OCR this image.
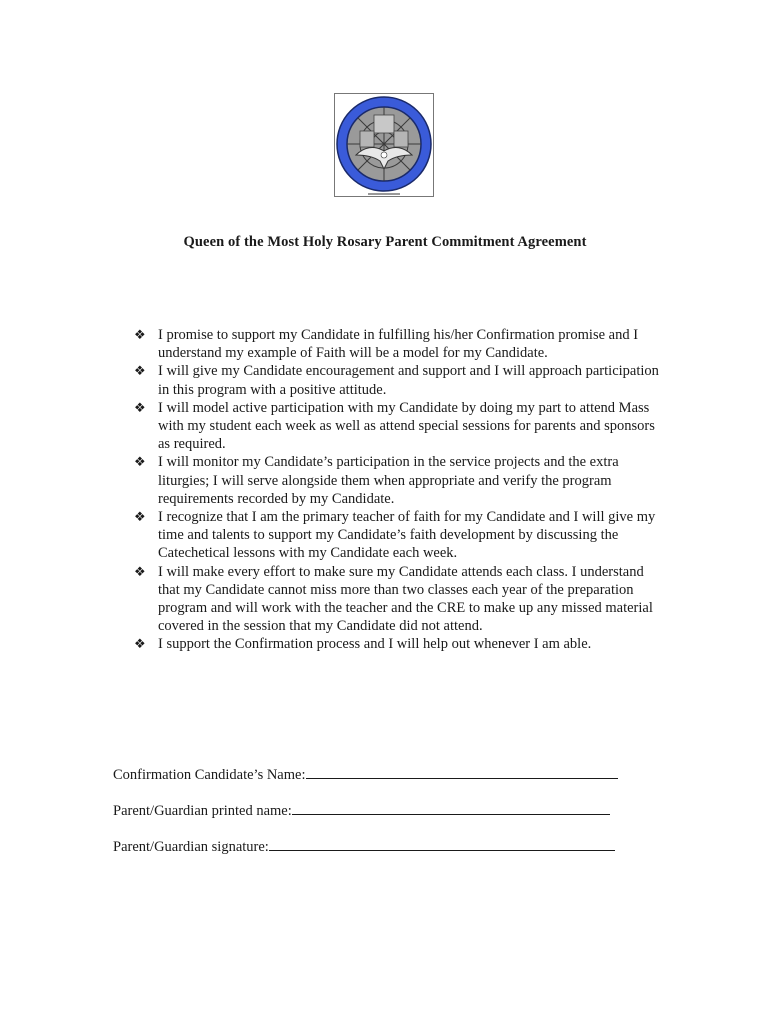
Queen of the Most Holy Rosary Parent Commitment Agreement
❖ I promise to support my Candidate in fulfilling his/her Confirmation promise and I understand my example of Faith will be a model for my Candidate.
❖ I will give my Candidate encouragement and support and I will approach participation in this program with a positive attitude.
❖ I will model active participation with my Candidate by doing my part to attend Mass with my student each week as well as attend special sessions for parents and sponsors as required.
❖ I will monitor my Candidate’s participation in the service projects and the extra liturgies; I will serve alongside them when appropriate and verify the program requirements recorded by my Candidate.
❖ I recognize that I am the primary teacher of faith for my Candidate and I will give my time and talents to support my Candidate’s faith development by discussing the Catechetical lessons with my Candidate each week.
❖ I will make every effort to make sure my Candidate attends each class. I understand that my Candidate cannot miss more than two classes each year of the preparation program and will work with the teacher and the CRE to make up any missed material covered in the session that my Candidate did not attend.
❖ I support the Confirmation process and I will help out whenever I am able.
Confirmation Candidate’s Name:
Parent/Guardian printed name:
Parent/Guardian signature:
